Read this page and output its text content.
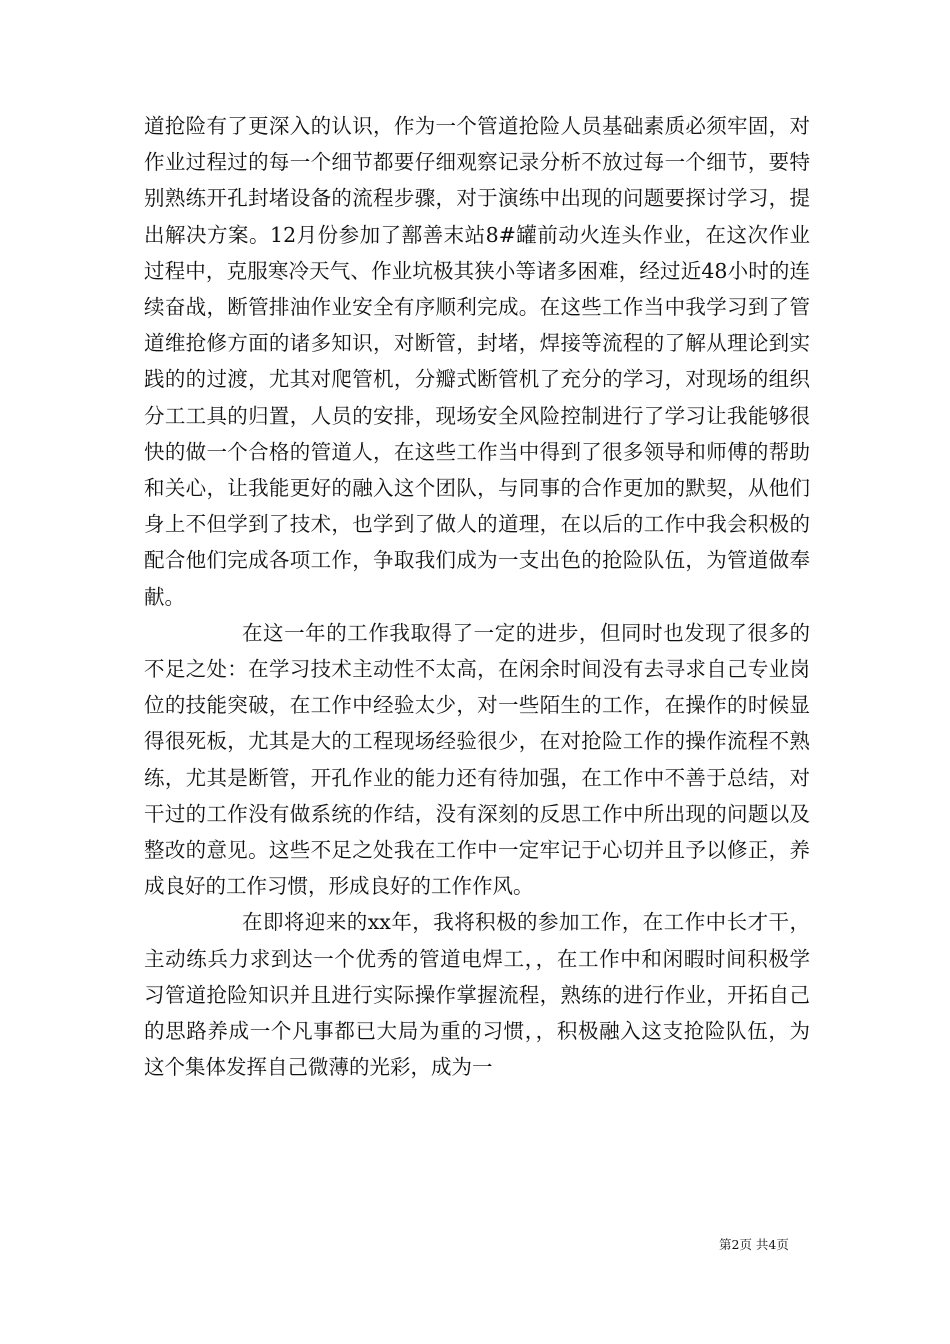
道抢险有了更深入的认识，作为一个管道抢险人员基础素质必须牢固，对作业过程过的每一个细节都要仔细观察记录分析不放过每一个细节，要特别熟练开孔封堵设备的流程步骤，对于演练中出现的问题要探讨学习，提出解决方案。12月份参加了鄯善末站8#罐前动火连头作业，在这次作业过程中，克服寒冷天气、作业坑极其狭小等诸多困难，经过近48小时的连续奋战，断管排油作业安全有序顺利完成。在这些工作当中我学习到了管道维抢修方面的诸多知识，对断管，封堵，焊接等流程的了解从理论到实践的的过渡，尤其对爬管机，分瓣式断管机了充分的学习，对现场的组织分工工具的归置，人员的安排，现场安全风险控制进行了学习让我能够很快的做一个合格的管道人，在这些工作当中得到了很多领导和师傅的帮助和关心，让我能更好的融入这个团队，与同事的合作更加的默契，从他们身上不但学到了技术，也学到了做人的道理，在以后的工作中我会积极的配合他们完成各项工作，争取我们成为一支出色的抢险队伍，为管道做奉献。

在这一年的工作我取得了一定的进步，但同时也发现了很多的不足之处：在学习技术主动性不太高，在闲余时间没有去寻求自己专业岗位的技能突破，在工作中经验太少，对一些陌生的工作，在操作的时候显得很死板，尤其是大的工程现场经验很少，在对抢险工作的操作流程不熟练，尤其是断管，开孔作业的能力还有待加强，在工作中不善于总结，对干过的工作没有做系统的作结，没有深刻的反思工作中所出现的问题以及整改的意见。这些不足之处我在工作中一定牢记于心切并且予以修正，养成良好的工作习惯，形成良好的工作作风。

在即将迎来的xx年，我将积极的参加工作，在工作中长才干，主动练兵力求到达一个优秀的管道电焊工，，在工作中和闲暇时间积极学习管道抢险知识并且进行实际操作掌握流程，熟练的进行作业，开拓自己的思路养成一个凡事都已大局为重的习惯，，积极融入这支抢险队伍，为这个集体发挥自己微薄的光彩，成为一

第2页 共4页
